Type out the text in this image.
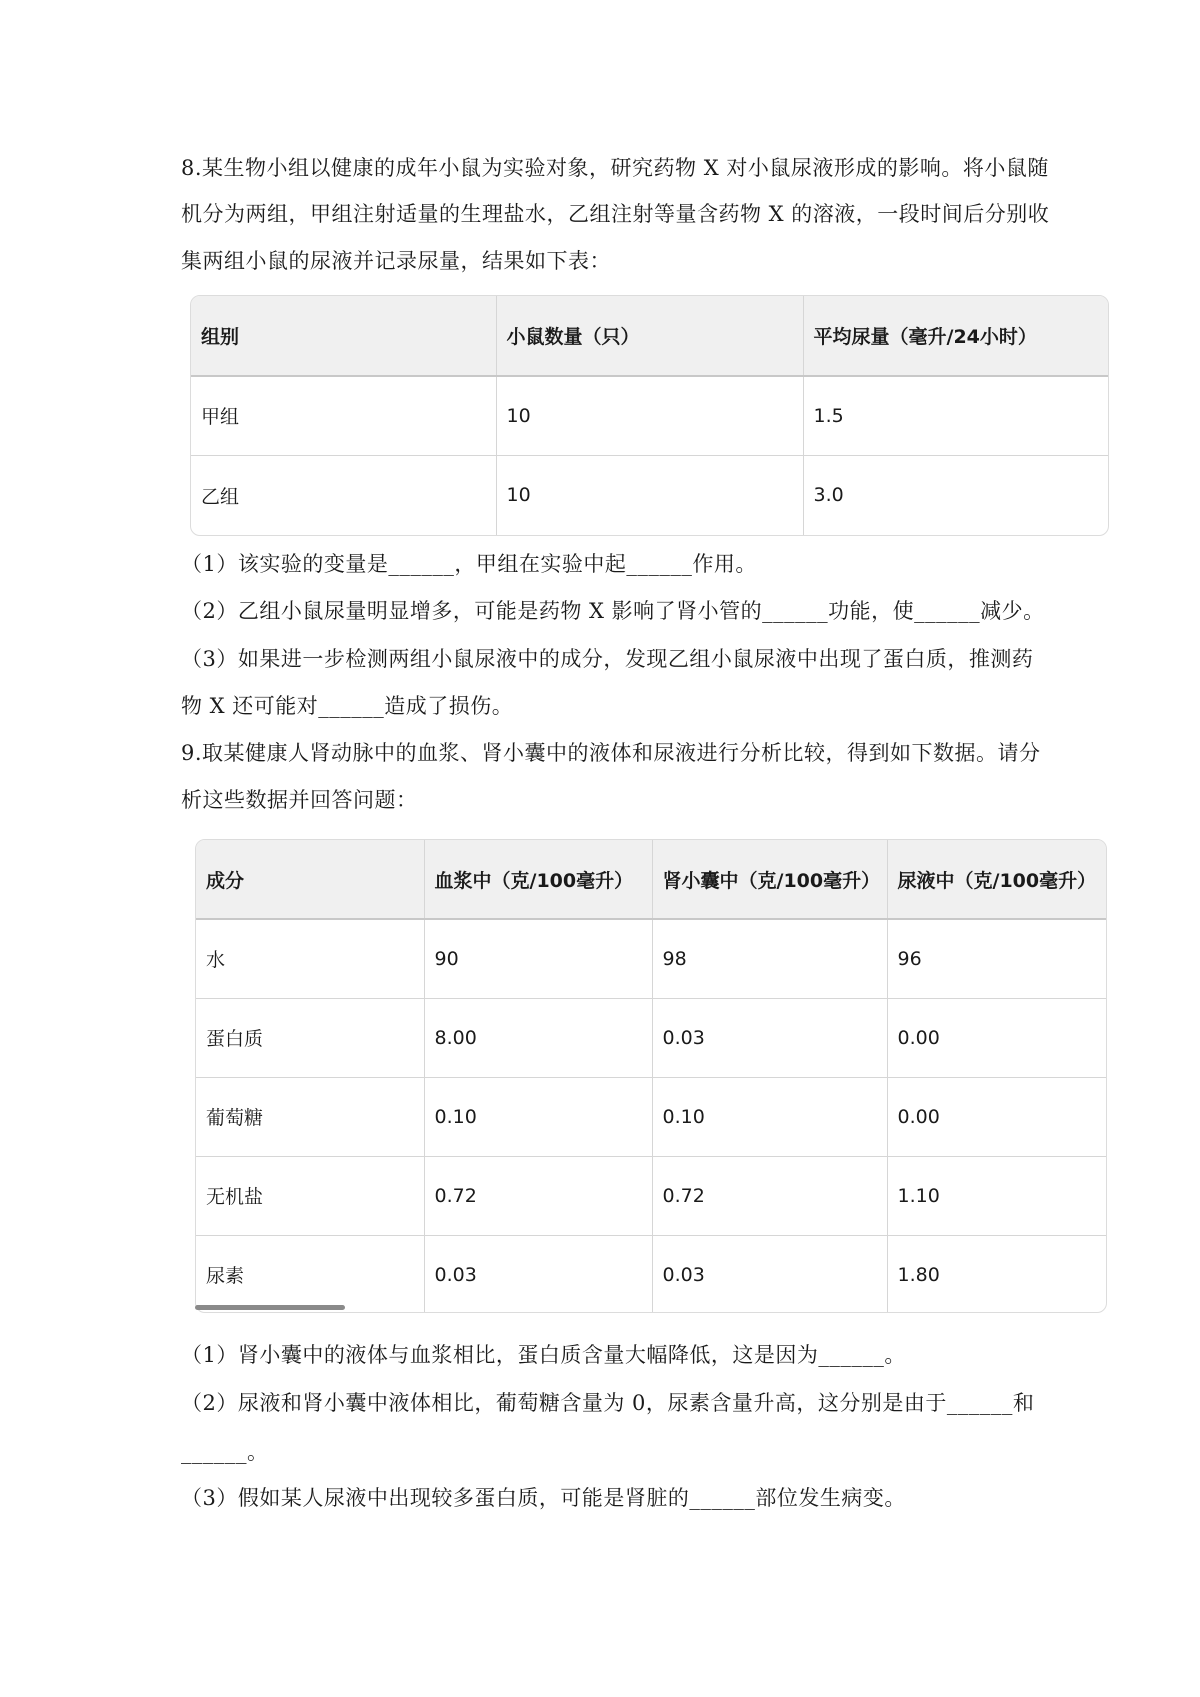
8.某生物小组以健康的成年小鼠为实验对象，研究药物 X 对小鼠尿液形成的影响。将小鼠随
机分为两组，甲组注射适量的生理盐水，乙组注射等量含药物 X 的溶液，一段时间后分别收
集两组小鼠的尿液并记录尿量，结果如下表：
组别	小鼠数量（只）	平均尿量（毫升/24小时）
甲组	10	1.5
乙组	10	3.0
（1）该实验的变量是______，甲组在实验中起______作用。
（2）乙组小鼠尿量明显增多，可能是药物 X 影响了肾小管的______功能，使______减少。
（3）如果进一步检测两组小鼠尿液中的成分，发现乙组小鼠尿液中出现了蛋白质，推测药
物 X 还可能对______造成了损伤。
9.取某健康人肾动脉中的血浆、肾小囊中的液体和尿液进行分析比较，得到如下数据。请分
析这些数据并回答问题：
成分	血浆中（克/100毫升）	肾小囊中（克/100毫升）	尿液中（克/100毫升）
水	90	98	96
蛋白质	8.00	0.03	0.00
葡萄糖	0.10	0.10	0.00
无机盐	0.72	0.72	1.10
尿素	0.03	0.03	1.80
（1）肾小囊中的液体与血浆相比，蛋白质含量大幅降低，这是因为______。
（2）尿液和肾小囊中液体相比，葡萄糖含量为 0，尿素含量升高，这分别是由于______和
______。
（3）假如某人尿液中出现较多蛋白质，可能是肾脏的______部位发生病变。
